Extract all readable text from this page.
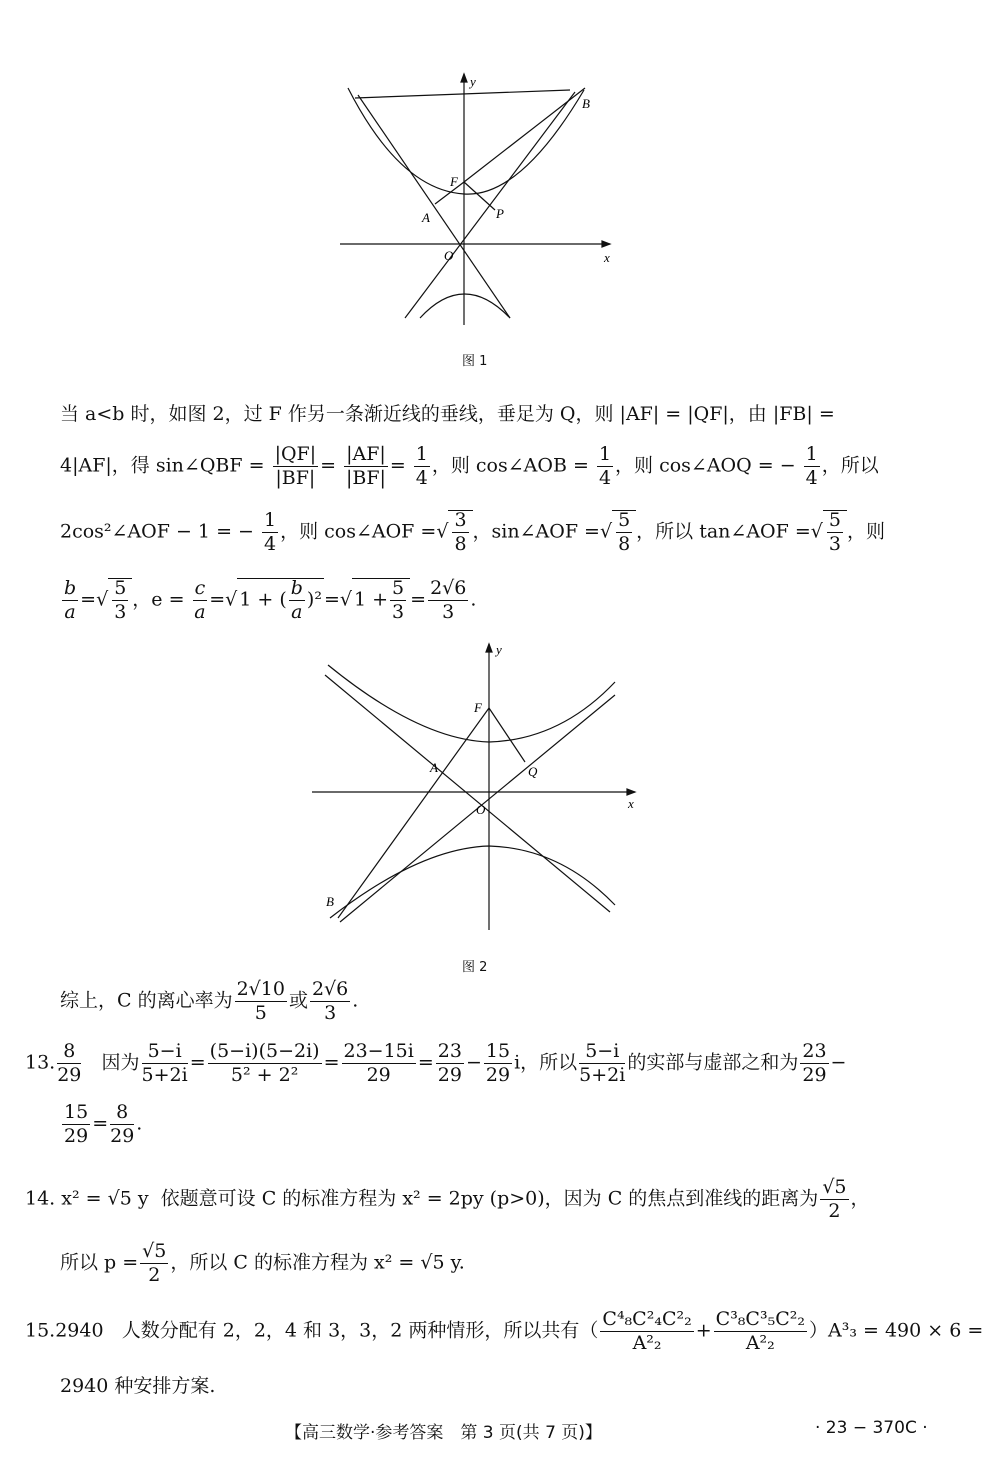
y
x
O
F
A	P
B
图 1
当 a<b 时，如图 2，过 F 作另一条渐近线的垂线，垂足为 Q，则 |AF| = |QF|，由 |FB| =
4|AF|，得 sin∠QBF = $\frac{|QF|}{|BF|} = \frac{|AF|}{|BF|} = \frac{1}{4}$ ，则 cos∠AOB = $\frac{1}{4}$ ，则 cos∠AOQ = − $\frac{1}{4}$ ，所以
2cos²∠AOF − 1 = − $\frac{1}{4}$ ，则 cos∠AOF =√ $\frac{3}{8}$ ，sin∠AOF =√ $\frac{5}{8}$ ，所以 tan∠AOF =√ $\frac{5}{3}$ ，则
$\frac{b}{a}$ =√ $\frac{5}{3}$ ，$e = \frac{c}{a}$ =√ 1 + ( $\frac{b}{a} )^2$ =√ $1 + \frac{5}{3} = \frac{2√6}{3}$ .
y
x
O
F
A	Q
B
图 2
综上，C 的离心率为 $\frac{2√10}{5}$ 或 $\frac{2√6}{3}$ .
13. $\frac{8}{29}$ 因为 $\frac{5-i}{5+2i} = \frac{(5-i)(5-2i)}{\text{5² + 2²}} = \frac{23-15i}{29} = \frac{23}{29} - \frac{15}{29}$ i，所以 $\frac{5-i}{5+2i}$ 的实部与虚部之和为 $\frac{23}{29}$ −
$\frac{15}{29} = \frac{8}{29}$ .
14. x² = √5 y 依题意可设 C 的标准方程为 x² = 2py (p>0)，因为 C 的焦点到准线的距离为 $\frac{√5}{2}$ ，
所以 $p = \frac{√5}{2}$ ，所以 C 的标准方程为 x² = √5 y.
15.2940 人数分配有 2，2，4 和 3，3，2 两种情形，所以共有（ $\frac{\text{C⁴₈C²₄C²₂}}{\text{A²₂}} + \frac{\text{C³₈C³₅C²₂}}{\text{A²₂}} )A^3_3 = 490 \times 6$ =
2940 种安排方案.
【高三数学·参考答案　第 3 页(共 7 页)】	· 23 − 370C ·
